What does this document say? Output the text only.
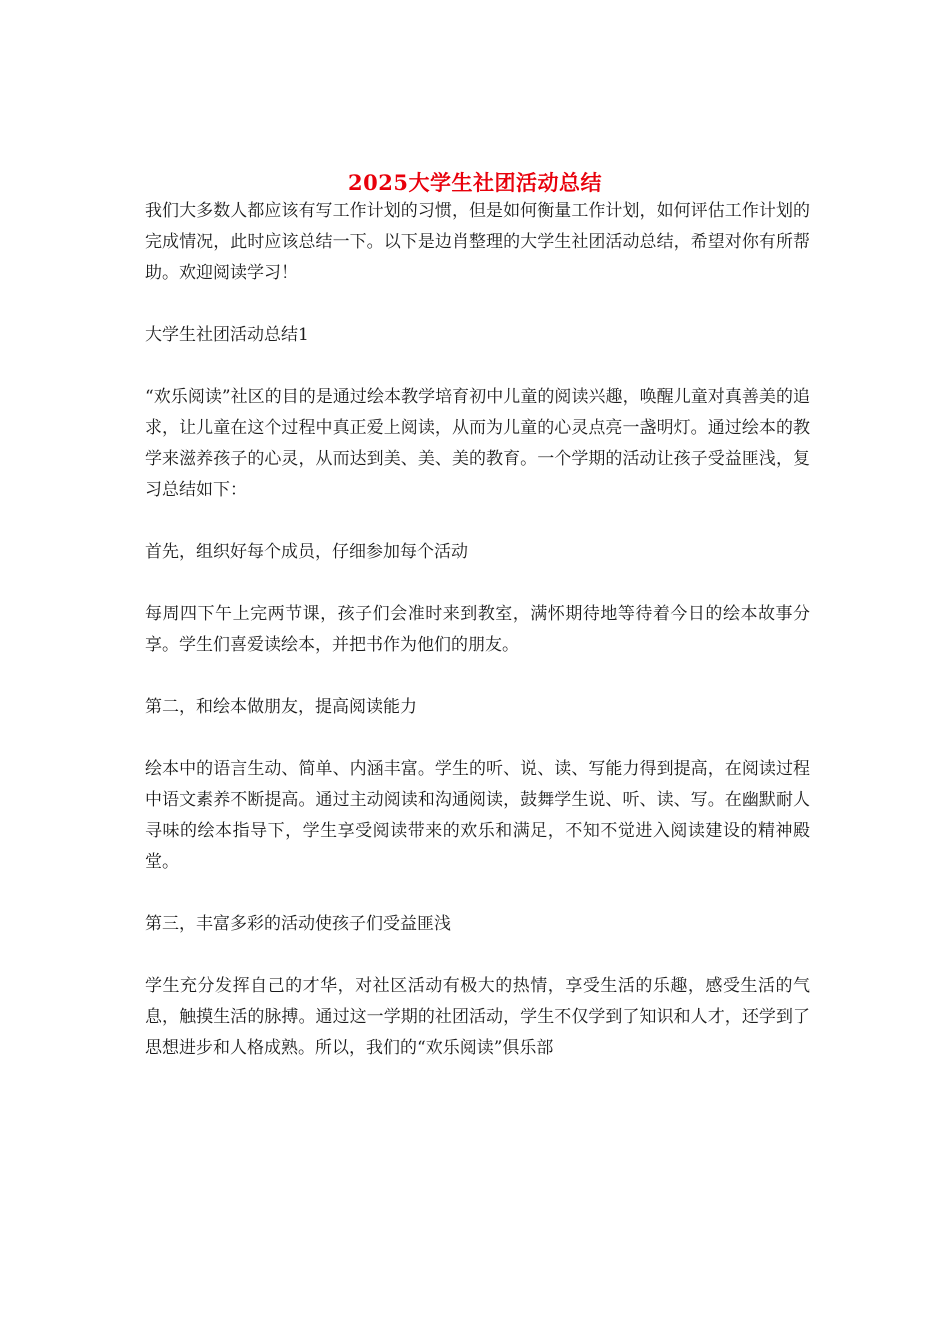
2025大学生社团活动总结

我们大多数人都应该有写工作计划的习惯，但是如何衡量工作计划，如何评估工作计划的完成情况，此时应该总结一下。以下是边肖整理的大学生社团活动总结，希望对你有所帮助。欢迎阅读学习！

大学生社团活动总结1

“欢乐阅读”社区的目的是通过绘本教学培育初中儿童的阅读兴趣，唤醒儿童对真善美的追求，让儿童在这个过程中真正爱上阅读，从而为儿童的心灵点亮一盏明灯。通过绘本的教学来滋养孩子的心灵，从而达到美、美、美的教育。一个学期的活动让孩子受益匪浅，复习总结如下：

首先，组织好每个成员，仔细参加每个活动

每周四下午上完两节课，孩子们会准时来到教室，满怀期待地等待着今日的绘本故事分享。学生们喜爱读绘本，并把书作为他们的朋友。

第二，和绘本做朋友，提高阅读能力

绘本中的语言生动、简单、内涵丰富。学生的听、说、读、写能力得到提高，在阅读过程中语文素养不断提高。通过主动阅读和沟通阅读，鼓舞学生说、听、读、写。在幽默耐人寻味的绘本指导下，学生享受阅读带来的欢乐和满足，不知不觉进入阅读建设的精神殿堂。

第三，丰富多彩的活动使孩子们受益匪浅

学生充分发挥自己的才华，对社区活动有极大的热情，享受生活的乐趣，感受生活的气息，触摸生活的脉搏。通过这一学期的社团活动，学生不仅学到了知识和人才，还学到了思想进步和人格成熟。所以，我们的“欢乐阅读”俱乐部
